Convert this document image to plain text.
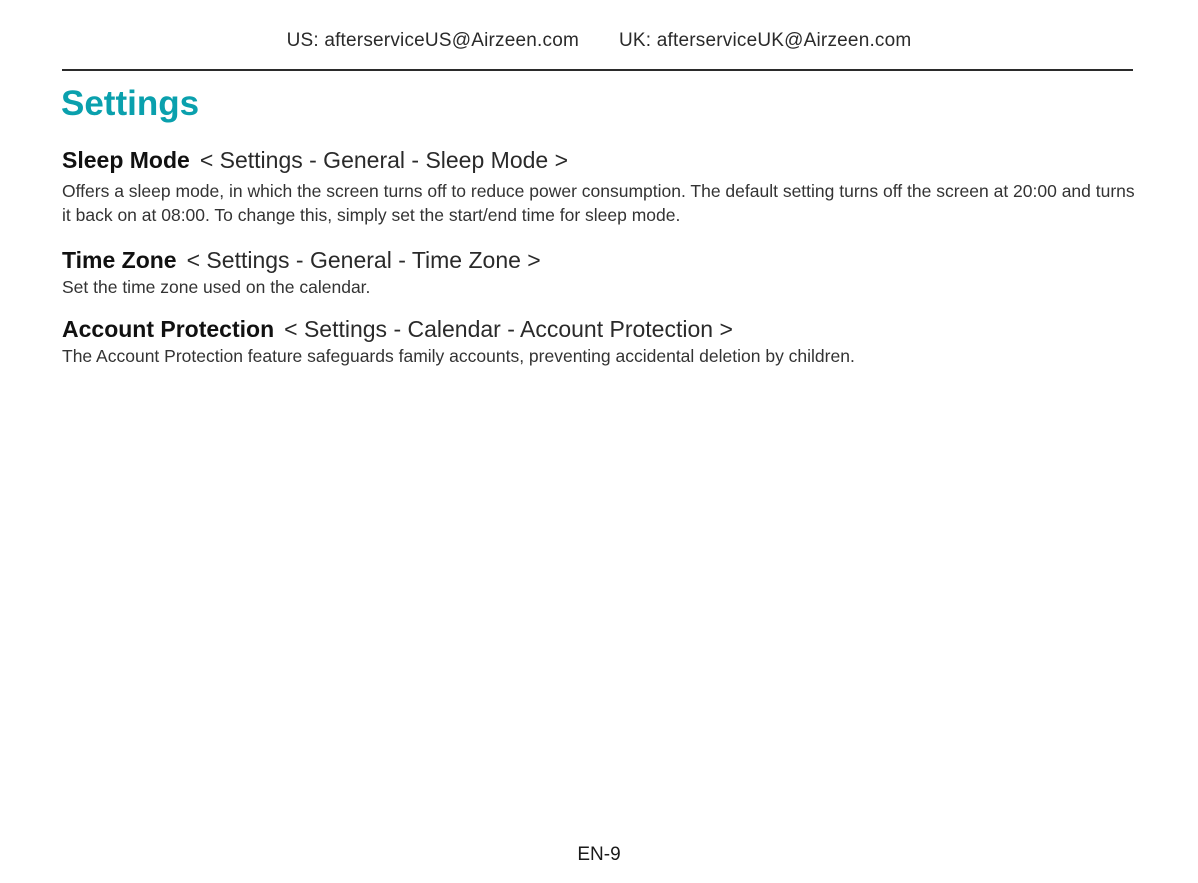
US: afterserviceUS@Airzeen.com UK: afterserviceUK@Airzeen.com
Settings
Sleep Mode < Settings - General - Sleep Mode >
Offers a sleep mode, in which the screen turns off to reduce power consumption. The default setting turns off the screen at 20:00 and turns it back on at 08:00. To change this, simply set the start/end time for sleep mode.
Time Zone < Settings - General - Time Zone >
Set the time zone used on the calendar.
Account Protection < Settings - Calendar - Account Protection >
The Account Protection feature safeguards family accounts, preventing accidental deletion by children.
EN-9
